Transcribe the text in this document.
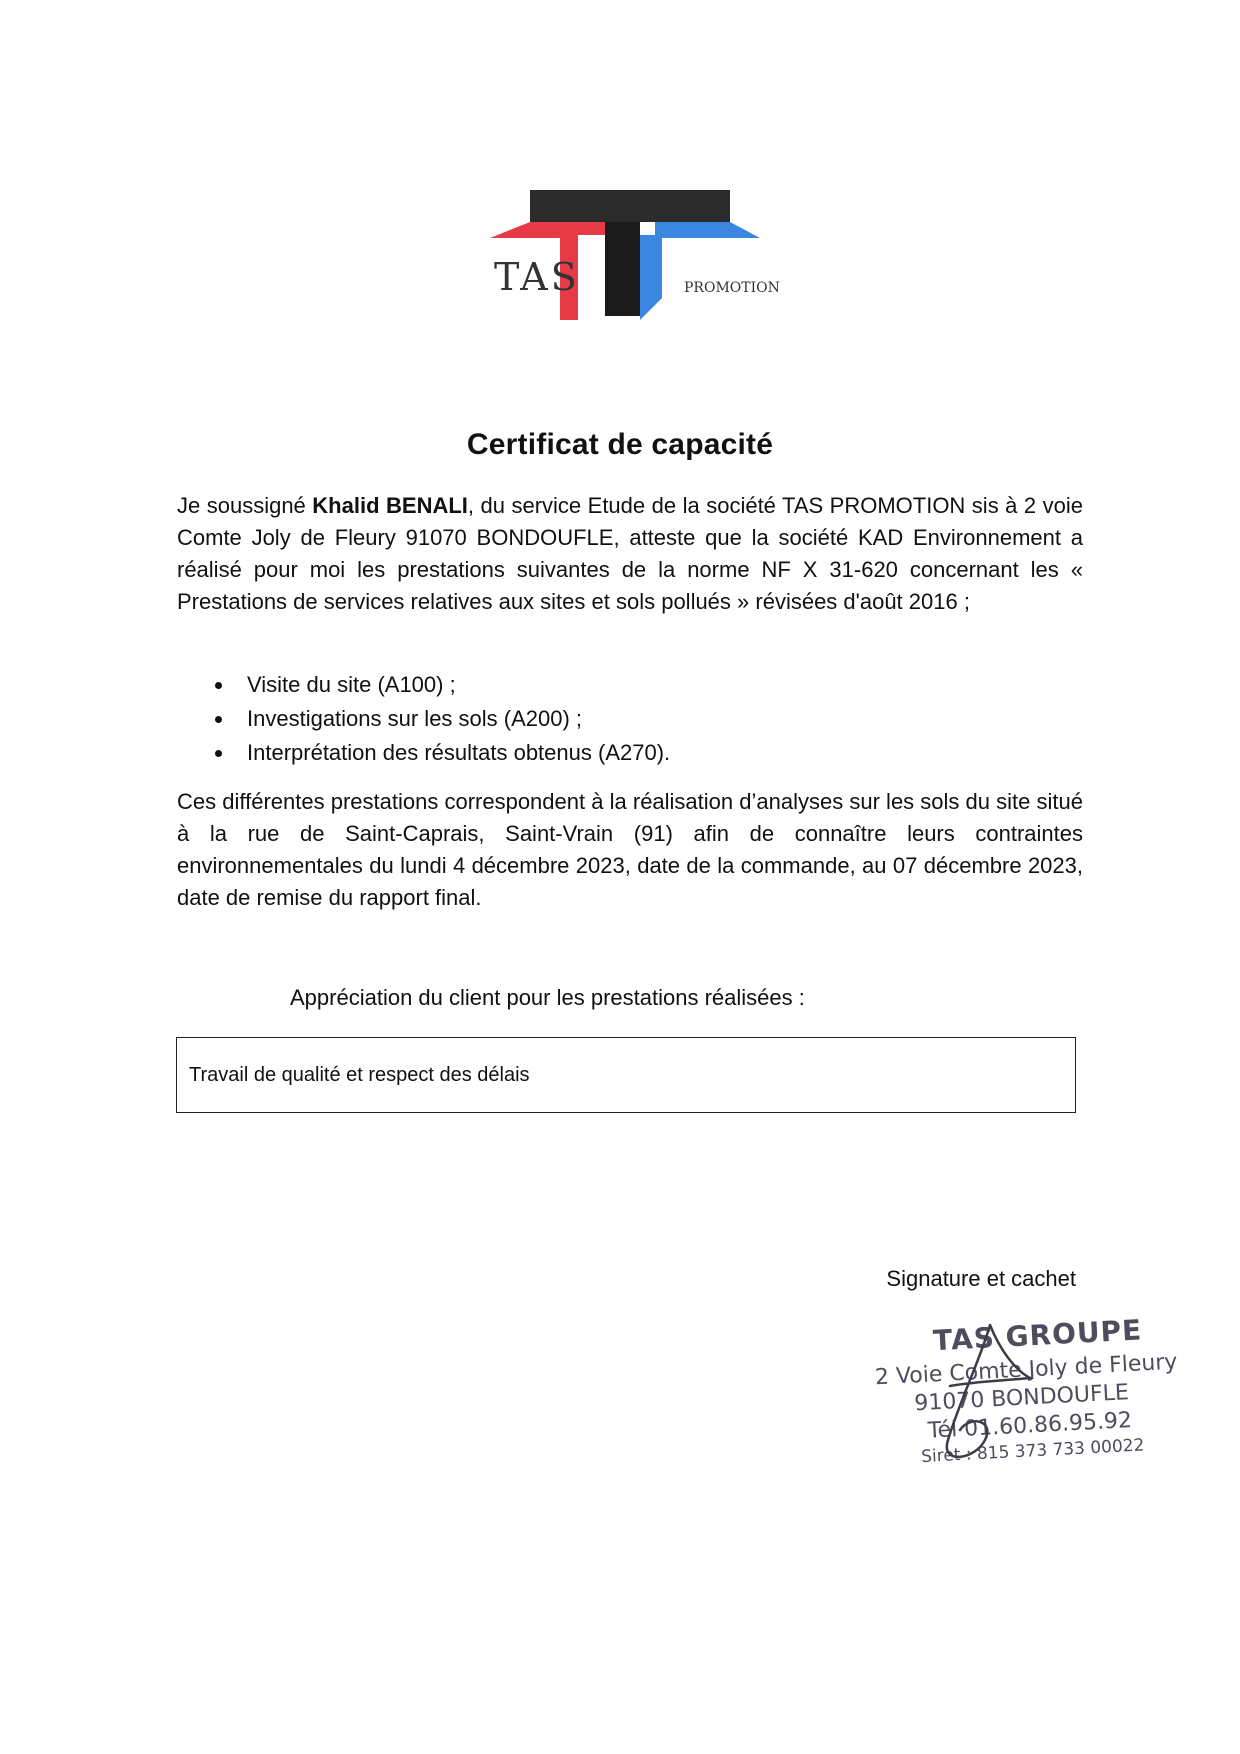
TAS	PROMOTION
Certificat de capacité

Je soussigné Khalid BENALI, du service Etude de la société TAS PROMOTION sis à 2 voie Comte Joly de Fleury 91070 BONDOUFLE, atteste que la société KAD Environnement a réalisé pour moi les prestations suivantes de la norme NF X 31-620 concernant les « Prestations de services relatives aux sites et sols pollués » révisées d'août 2016 ;

Visite du site (A100) ;
Investigations sur les sols (A200) ;
Interprétation des résultats obtenus (A270).

Ces différentes prestations correspondent à la réalisation d’analyses sur les sols du site situé à la rue de Saint-Caprais, Saint-Vrain (91) afin de connaître leurs contraintes environnementales du lundi 4 décembre 2023, date de la commande, au 07 décembre 2023, date de remise du rapport final.

Appréciation du client pour les prestations réalisées :
Travail de qualité et respect des délais
Signature et cachet
TAS GROUPE
2 Voie Comte Joly de Fleury
91070 BONDOUFLE
Tél 01.60.86.95.92
Siret : 815 373 733 00022
